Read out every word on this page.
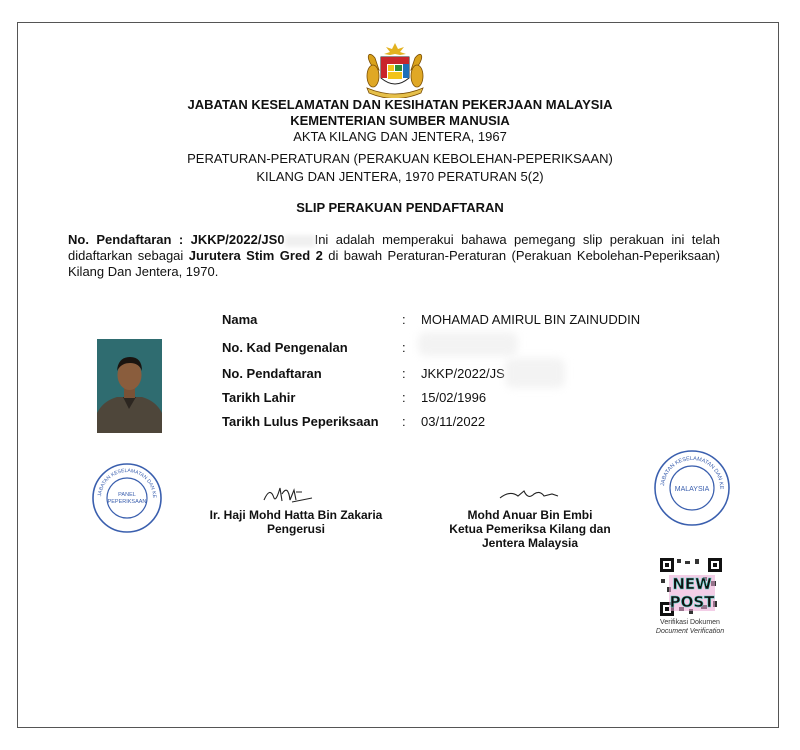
JABATAN KESELAMATAN DAN KESIHATAN PEKERJAAN MALAYSIA
KEMENTERIAN SUMBER MANUSIA
AKTA KILANG DAN JENTERA, 1967
PERATURAN-PERATURAN (PERAKUAN KEBOLEHAN-PEPERIKSAAN)
KILANG DAN JENTERA, 1970 PERATURAN 5(2)
SLIP PERAKUAN PENDAFTARAN
No. Pendaftaran : JKKP/2022/JS0 Ini adalah memperakui bahawa pemegang slip perakuan ini telah didaftarkan sebagai Jurutera Stim Gred 2 di bawah Peraturan-Peraturan (Perakuan Kebolehan-Peperiksaan) Kilang Dan Jentera, 1970.
Nama	: MOHAMAD AMIRUL BIN ZAINUDDIN
No. Kad Pengenalan	:
No. Pendaftaran	: JKKP/2022/JS
Tarikh Lahir	: 15/02/1996
Tarikh Lulus Peperiksaan : 03/11/2022
JABATAN KESELAMATAN DAN KE
PANEL
PEPERIKSAAN
JABATAN KESELAMATAN DAN KE
MALAYSIA
Ir. Haji Mohd Hatta Bin Zakaria
Pengerusi
Mohd Anuar Bin Embi
Ketua Pemeriksa Kilang dan
Jentera Malaysia
NEW
POST
Verifikasi Dokumen
Document Verification
